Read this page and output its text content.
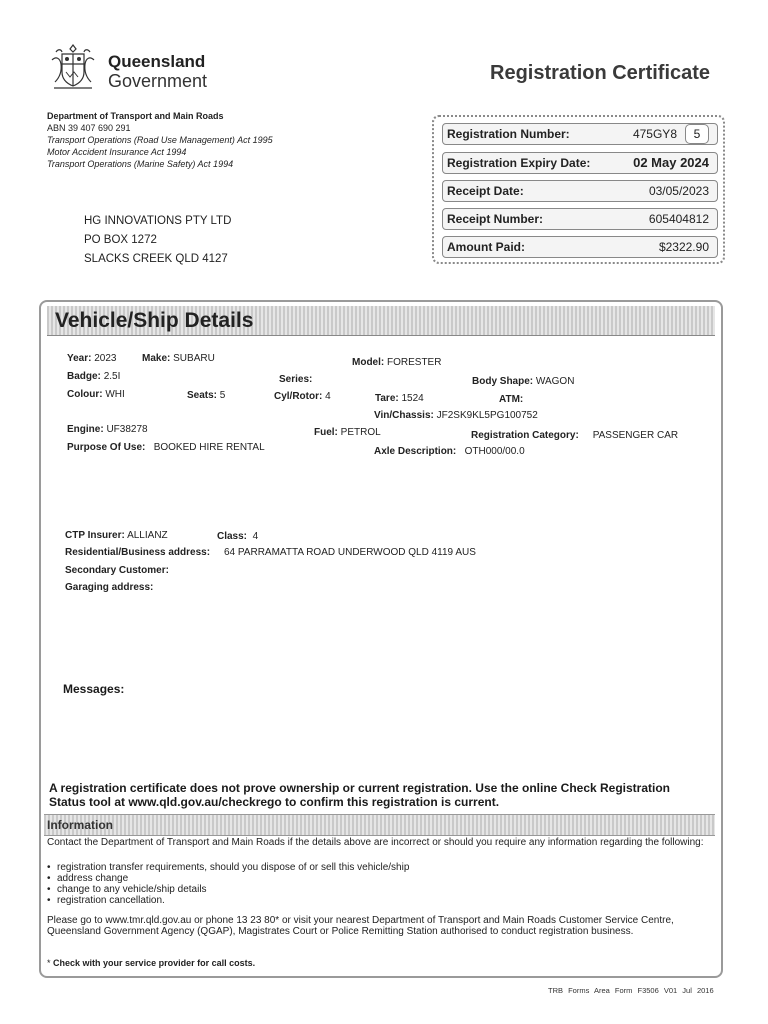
Queensland
Government	Registration Certificate
Department of Transport and Main Roads
ABN 39 407 690 291
Transport Operations (Road Use Management) Act 1995
Motor Accident Insurance Act 1994
Transport Operations (Marine Safety) Act 1994
HG INNOVATIONS PTY LTD
PO BOX 1272
SLACKS CREEK QLD 4127
Registration Number:	475GY8	5
Registration Expiry Date:	02 May 2024
Receipt Date:	03/05/2023
Receipt Number:	605404812
Amount Paid:	$2322.90
Vehicle/Ship Details
Year: 2023	Make: SUBARU	Model: FORESTER
Badge: 2.5I	Series:	Body Shape: WAGON
Colour: WHI	Seats: 5	Cyl/Rotor: 4	Tare: 1524	ATM:
Vin/Chassis: JF2SK9KL5PG100752
Engine: UF38278	Fuel: PETROL	Registration Category: PASSENGER CAR
Purpose Of Use: BOOKED HIRE RENTAL	Axle Description: OTH000/00.0
CTP Insurer: ALLIANZ	Class: 4
Residential/Business address: 64 PARRAMATTA ROAD UNDERWOOD QLD 4119 AUS
Secondary Customer:
Garaging address:
Messages:
A registration certificate does not prove ownership or current registration. Use the online Check Registration Status tool at www.qld.gov.au/checkrego to confirm this registration is current.
Information
Contact the Department of Transport and Main Roads if the details above are incorrect or should you require any information regarding the following:
• registration transfer requirements, should you dispose of or sell this vehicle/ship
• address change
• change to any vehicle/ship details
• registration cancellation.
Please go to www.tmr.qld.gov.au or phone 13 23 80* or visit your nearest Department of Transport and Main Roads Customer Service Centre, Queensland Government Agency (QGAP), Magistrates Court or Police Remitting Station authorised to conduct registration business.
* Check with your service provider for call costs.
TRB Forms Area Form F3506 V01 Jul 2016
